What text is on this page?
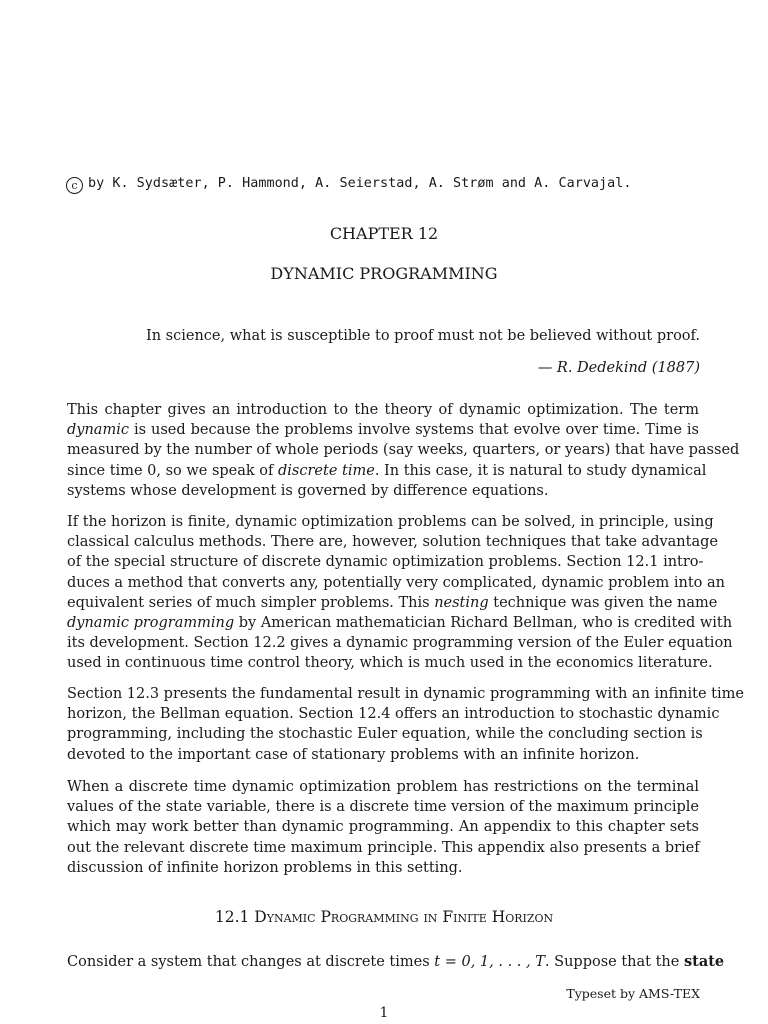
c by K. Sydsæter, P. Hammond, A. Seierstad, A. Strøm and A. Carvajal.
CHAPTER 12
DYNAMIC PROGRAMMING
In science, what is susceptible to proof must not be believed without proof.
— R. Dedekind (1887)
This chapter gives an introduction to the theory of dynamic optimization. The term
dynamic is used because the problems involve systems that evolve over time. Time is
measured by the number of whole periods (say weeks, quarters, or years) that have passed
since time 0, so we speak of discrete time. In this case, it is natural to study dynamical
systems whose development is governed by difference equations.
If the horizon is finite, dynamic optimization problems can be solved, in principle, using
classical calculus methods. There are, however, solution techniques that take advantage
of the special structure of discrete dynamic optimization problems. Section 12.1 intro-
duces a method that converts any, potentially very complicated, dynamic problem into an
equivalent series of much simpler problems. This nesting technique was given the name
dynamic programming by American mathematician Richard Bellman, who is credited with
its development. Section 12.2 gives a dynamic programming version of the Euler equation
used in continuous time control theory, which is much used in the economics literature.
Section 12.3 presents the fundamental result in dynamic programming with an infinite time
horizon, the Bellman equation. Section 12.4 offers an introduction to stochastic dynamic
programming, including the stochastic Euler equation, while the concluding section is
devoted to the important case of stationary problems with an infinite horizon.
When a discrete time dynamic optimization problem has restrictions on the terminal
values of the state variable, there is a discrete time version of the maximum principle
which may work better than dynamic programming. An appendix to this chapter sets
out the relevant discrete time maximum principle. This appendix also presents a brief
discussion of infinite horizon problems in this setting.
12.1 Dynamic Programming in Finite Horizon
Consider a system that changes at discrete times t = 0, 1, . . . , T. Suppose that the state
Typeset by AMS-TEX
1
